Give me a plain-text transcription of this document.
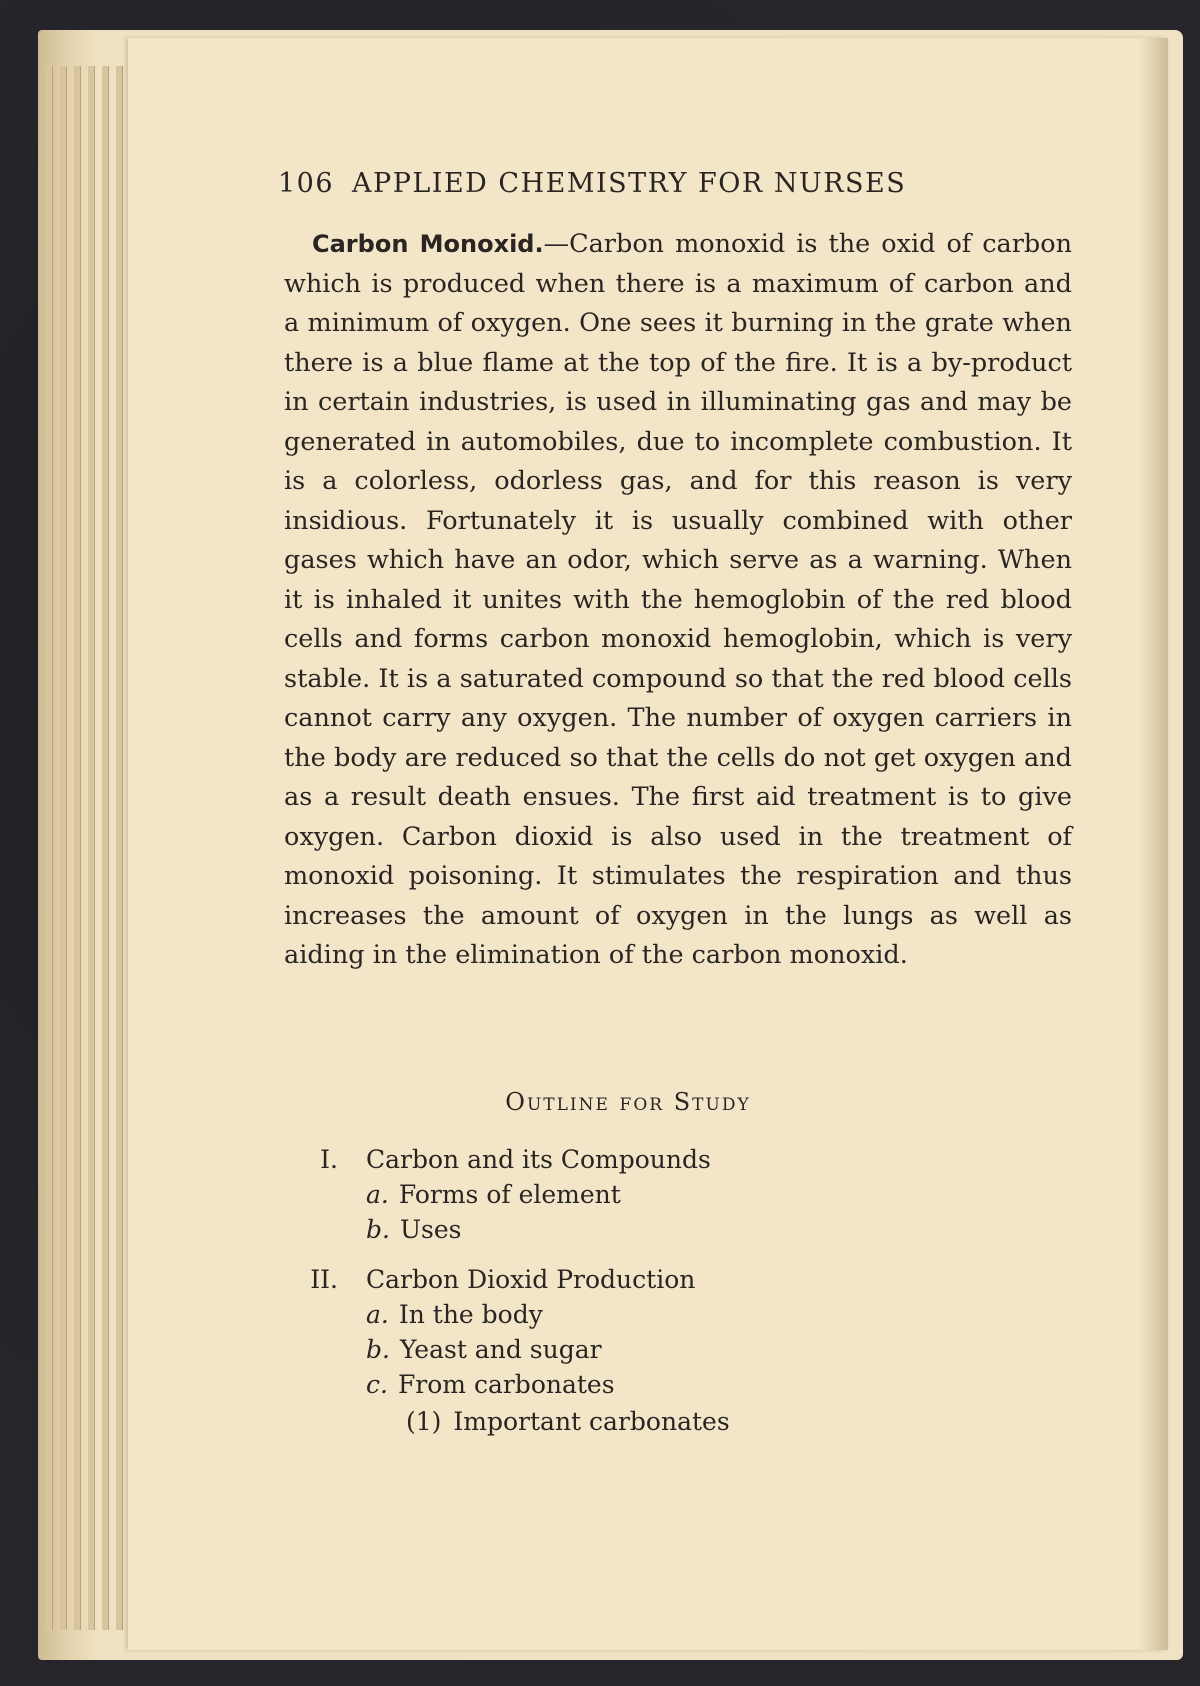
106 APPLIED CHEMISTRY FOR NURSES

Carbon Monoxid.—Carbon monoxid is the oxid of carbon which is produced when there is a maximum of carbon and a minimum of oxygen. One sees it burning in the grate when there is a blue flame at the top of the fire. It is a by-product in certain industries, is used in illuminating gas and may be generated in automobiles, due to incomplete combustion. It is a colorless, odorless gas, and for this reason is very insidious. Fortunately it is usually combined with other gases which have an odor, which serve as a warning. When it is inhaled it unites with the hemoglobin of the red blood cells and forms carbon monoxid hemoglobin, which is very stable. It is a saturated compound so that the red blood cells cannot carry any oxygen. The number of oxygen carriers in the body are reduced so that the cells do not get oxygen and as a result death ensues. The first aid treatment is to give oxygen. Carbon dioxid is also used in the treatment of monoxid poisoning. It stimulates the respiration and thus increases the amount of oxygen in the lungs as well as aiding in the elimination of the carbon monoxid.

Outline for Study
I. Carbon and its Compounds
a. Forms of element
b. Uses
II. Carbon Dioxid Production
a. In the body
b. Yeast and sugar
c. From carbonates
(1) Important carbonates
